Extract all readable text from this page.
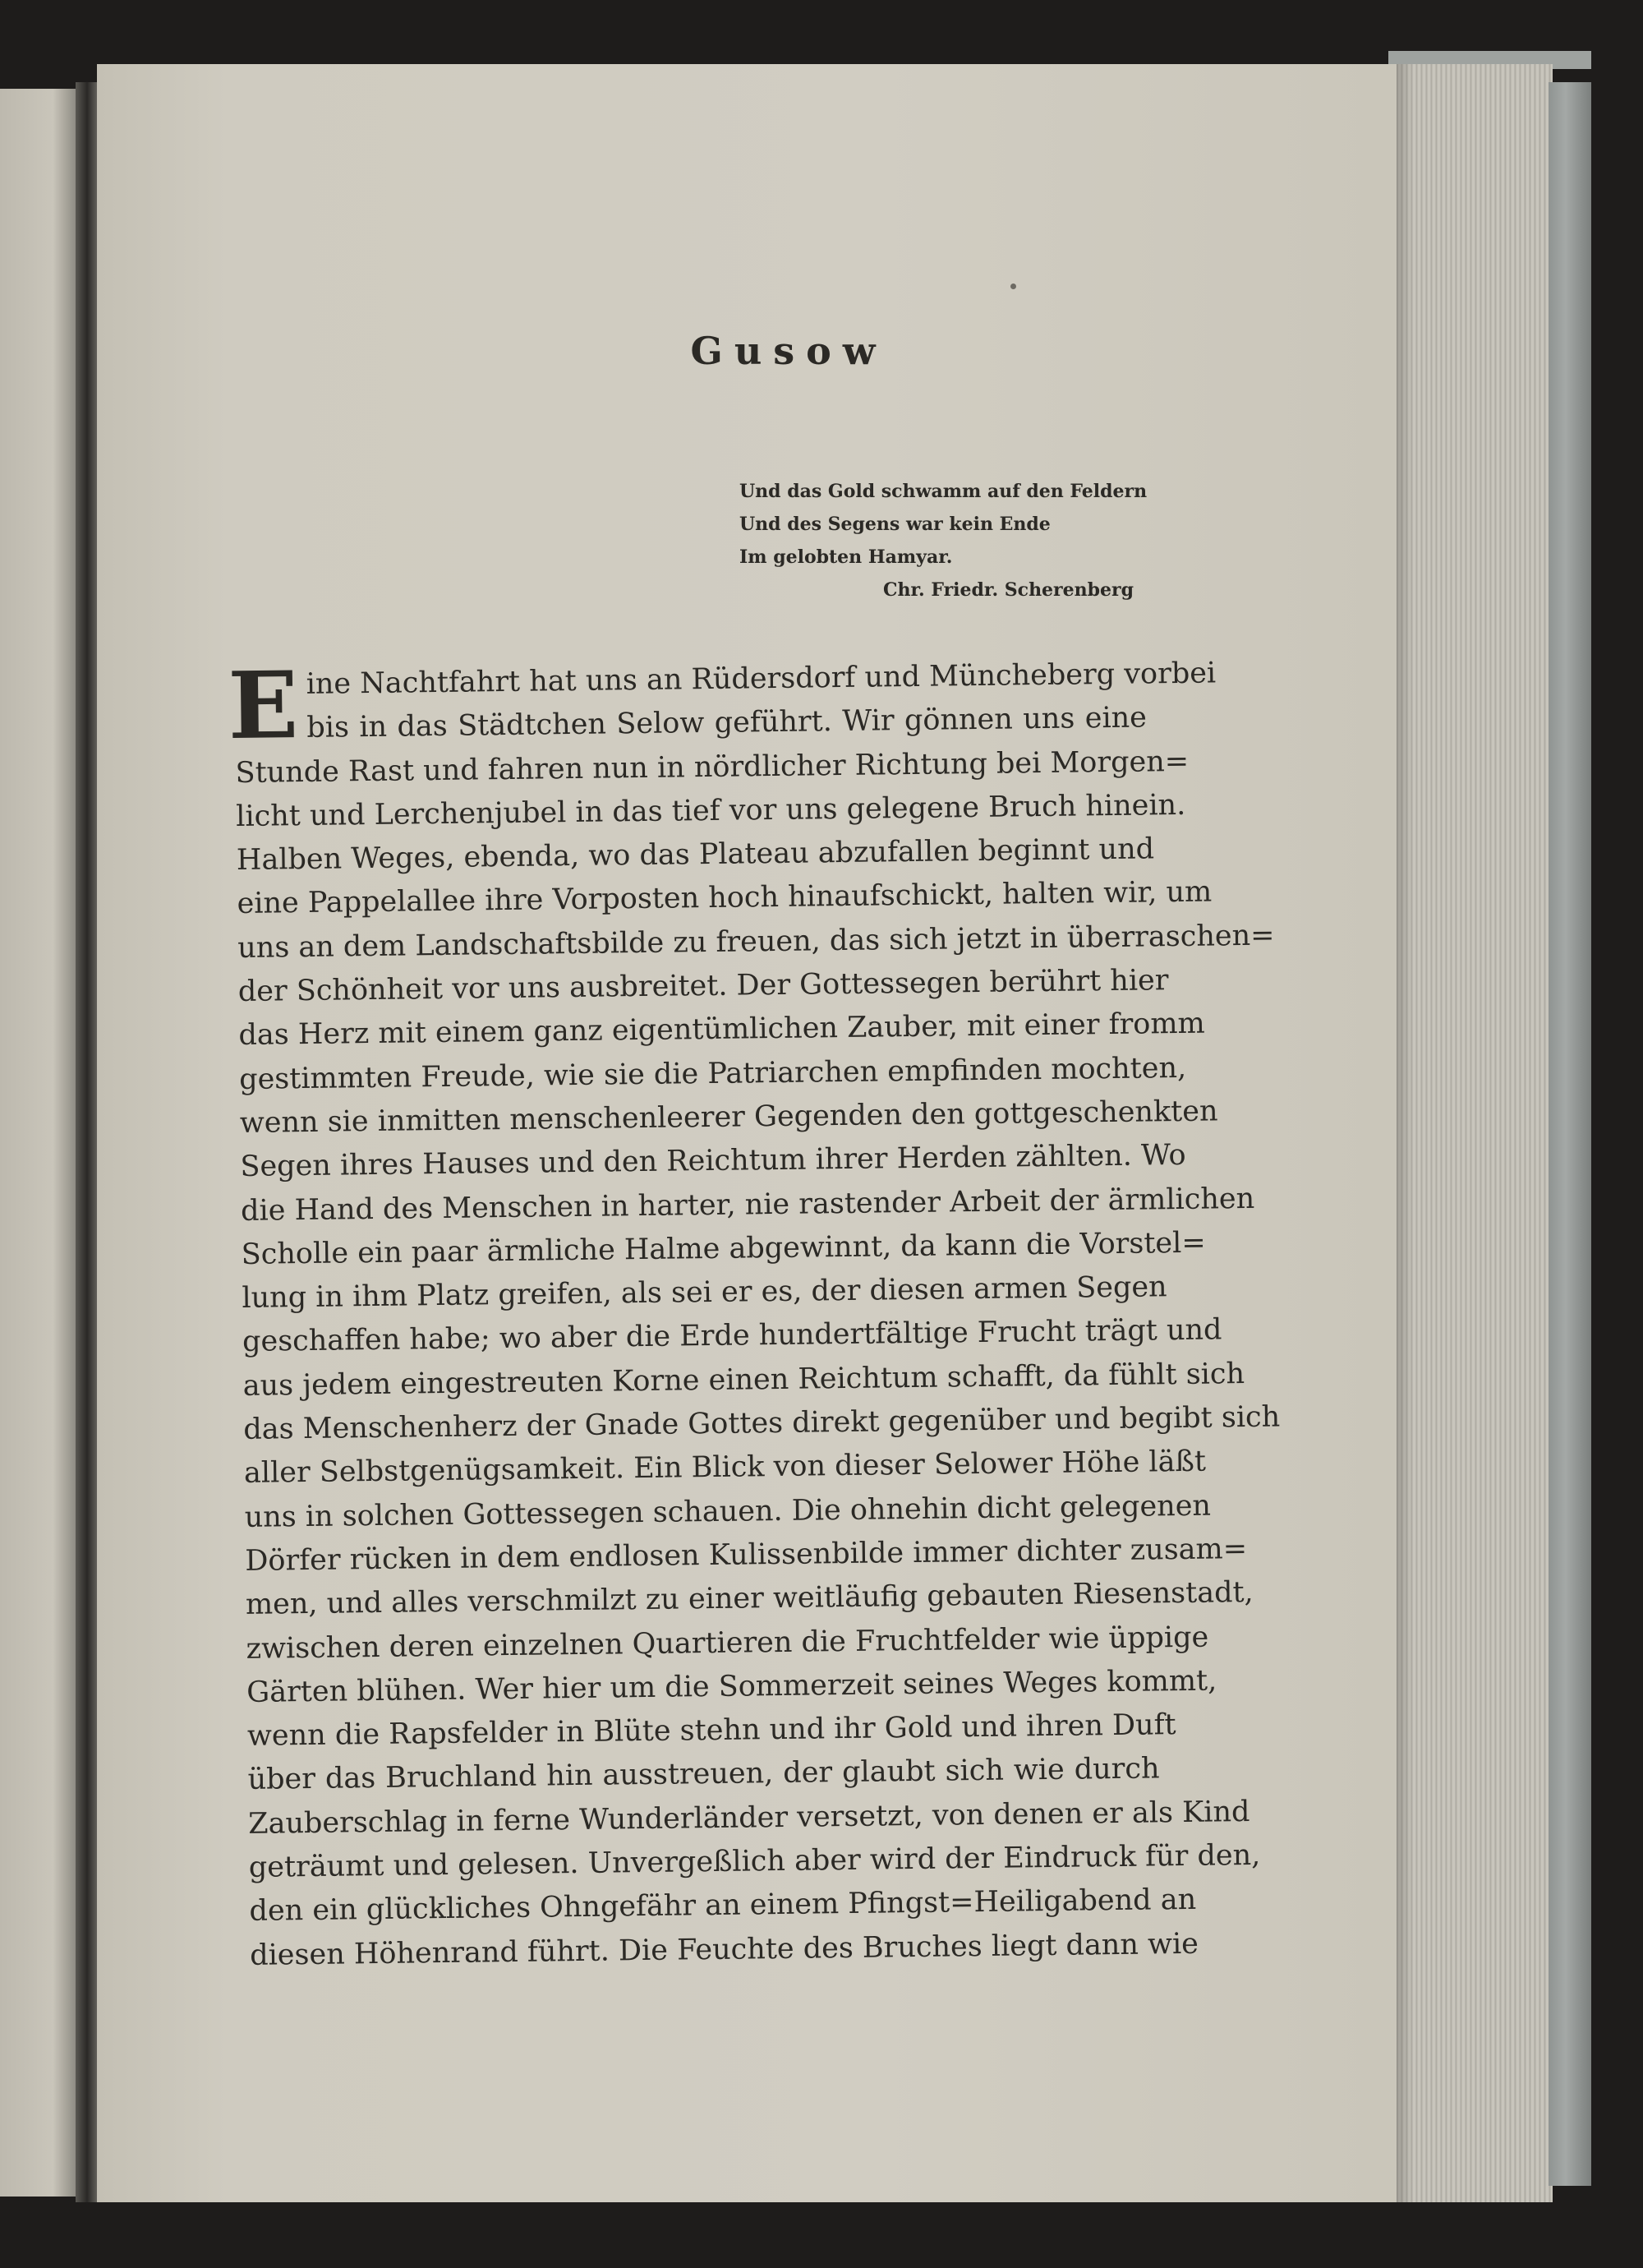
Gusow
Und das Gold schwamm auf den Feldern
Und des Segens war kein Ende
Im gelobten Hamyar.
Chr. Friedr. Scherenberg
E ine Nachtfahrt hat uns an Rüdersdorf und Müncheberg vorbei
bis in das Städtchen Selow geführt. Wir gönnen uns eine
Stunde Rast und fahren nun in nördlicher Richtung bei Morgen=
licht und Lerchenjubel in das tief vor uns gelegene Bruch hinein.
Halben Weges, ebenda, wo das Plateau abzufallen beginnt und
eine Pappelallee ihre Vorposten hoch hinaufschickt, halten wir, um
uns an dem Landschaftsbilde zu freuen, das sich jetzt in überraschen=
der Schönheit vor uns ausbreitet. Der Gottessegen berührt hier
das Herz mit einem ganz eigentümlichen Zauber, mit einer fromm
gestimmten Freude, wie sie die Patriarchen empfinden mochten,
wenn sie inmitten menschenleerer Gegenden den gottgeschenkten
Segen ihres Hauses und den Reichtum ihrer Herden zählten. Wo
die Hand des Menschen in harter, nie rastender Arbeit der ärmlichen
Scholle ein paar ärmliche Halme abgewinnt, da kann die Vorstel=
lung in ihm Platz greifen, als sei er es, der diesen armen Segen
geschaffen habe; wo aber die Erde hundertfältige Frucht trägt und
aus jedem eingestreuten Korne einen Reichtum schafft, da fühlt sich
das Menschenherz der Gnade Gottes direkt gegenüber und begibt sich
aller Selbstgenügsamkeit. Ein Blick von dieser Selower Höhe läßt
uns in solchen Gottessegen schauen. Die ohnehin dicht gelegenen
Dörfer rücken in dem endlosen Kulissenbilde immer dichter zusam=
men, und alles verschmilzt zu einer weitläufig gebauten Riesenstadt,
zwischen deren einzelnen Quartieren die Fruchtfelder wie üppige
Gärten blühen. Wer hier um die Sommerzeit seines Weges kommt,
wenn die Rapsfelder in Blüte stehn und ihr Gold und ihren Duft
über das Bruchland hin ausstreuen, der glaubt sich wie durch
Zauberschlag in ferne Wunderländer versetzt, von denen er als Kind
geträumt und gelesen. Unvergeßlich aber wird der Eindruck für den,
den ein glückliches Ohngefähr an einem Pfingst=Heiligabend an
diesen Höhenrand führt. Die Feuchte des Bruches liegt dann wie
